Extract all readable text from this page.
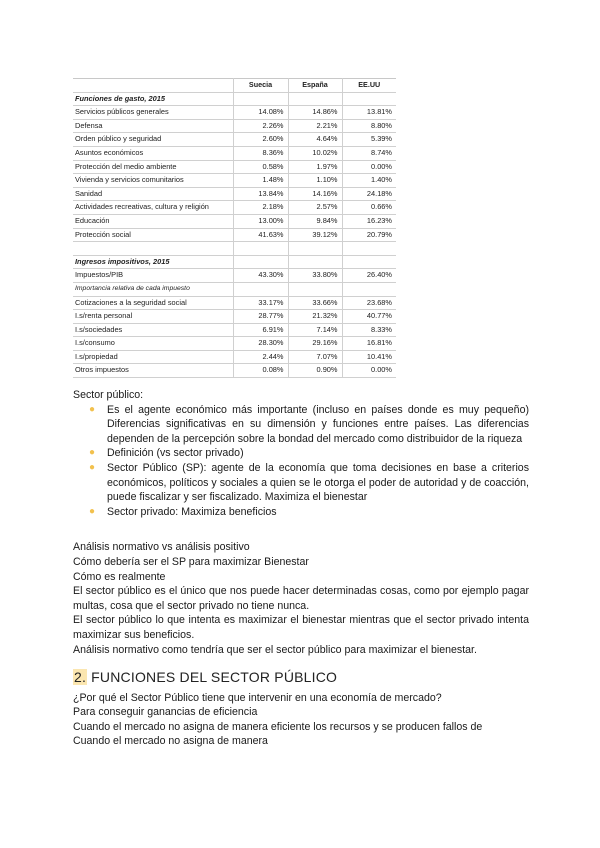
	Suecia	España	EE.UU
Funciones de gasto, 2015			
Servicios públicos generales	14.08%	14.86%	13.81%
Defensa	2.26%	2.21%	8.80%
Orden público y seguridad	2.60%	4.64%	5.39%
Asuntos económicos	8.36%	10.02%	8.74%
Protección del medio ambiente	0.58%	1.97%	0.00%
Vivienda y servicios comunitarios	1.48%	1.10%	1.40%
Sanidad	13.84%	14.16%	24.18%
Actividades recreativas, cultura y religión	2.18%	2.57%	0.66%
Educación	13.00%	9.84%	16.23%
Protección social	41.63%	39.12%	20.79%

Ingresos impositivos, 2015			
Impuestos/PIB	43.30%	33.80%	26.40%
Importancia relativa de cada impuesto			
Cotizaciones a la seguridad social	33.17%	33.66%	23.68%
I.s/renta personal	28.77%	21.32%	40.77%
I.s/sociedades	6.91%	7.14%	8.33%
I.s/consumo	28.30%	29.16%	16.81%
I.s/propiedad	2.44%	7.07%	10.41%
Otros impuestos	0.08%	0.90%	0.00%

Sector público:

● Es el agente económico más importante (incluso en países donde es muy pequeño) Diferencias significativas en su dimensión y funciones entre países. Las diferencias dependen de la percepción sobre la bondad del mercado como distribuidor de la riqueza
● Definición (vs sector privado)
● Sector Público (SP): agente de la economía que toma decisiones en base a criterios económicos, políticos y sociales a quien se le otorga el poder de autoridad y de coacción, puede fiscalizar y ser fiscalizado. Maximiza el bienestar
● Sector privado: Maximiza beneficios

Análisis normativo vs análisis positivo

Cómo debería ser el SP para maximizar Bienestar

Cómo es realmente

El sector público es el único que nos puede hacer determinadas cosas, como por ejemplo pagar multas, cosa que el sector privado no tiene nunca.

El sector público lo que intenta es maximizar el bienestar mientras que el sector privado intenta maximizar sus beneficios.

Análisis normativo como tendría que ser el sector público para maximizar el bienestar.

2. FUNCIONES DEL SECTOR PÚBLICO

¿Por qué el Sector Público tiene que intervenir en una economía de mercado?

Para conseguir ganancias de eficiencia

Cuando el mercado no asigna de manera eficiente los recursos y se producen fallos de

Cuando el mercado no asigna de manera
